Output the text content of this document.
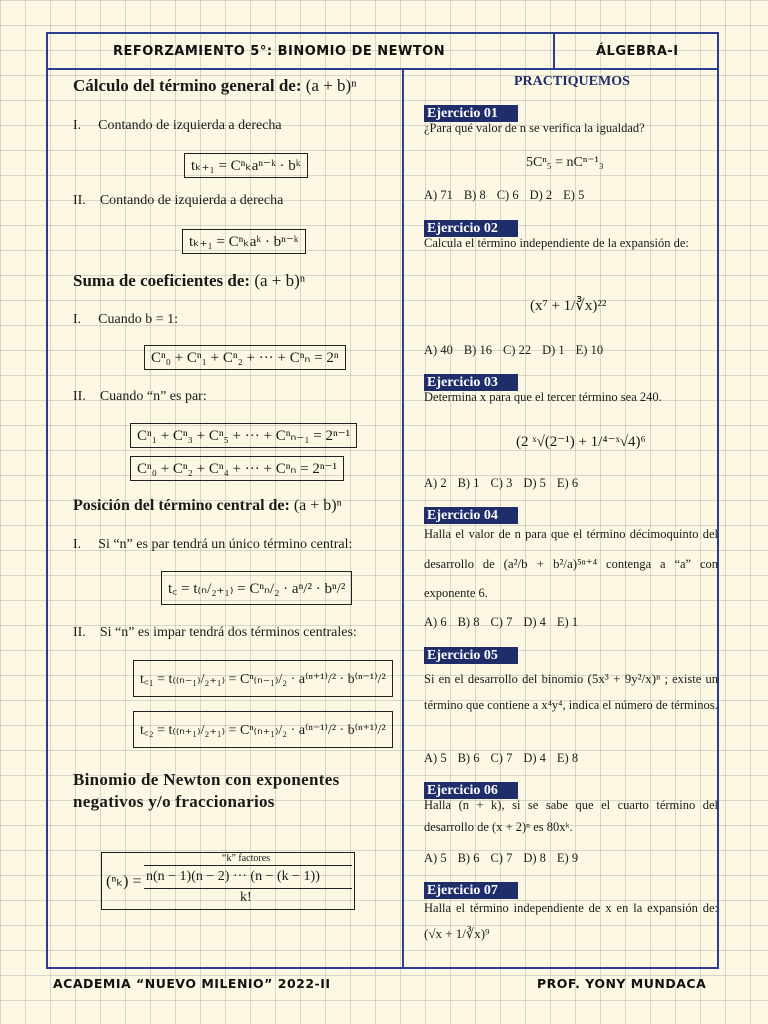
REFORZAMIENTO 5°: BINOMIO DE NEWTON	ÁLGEBRA-I
Cálculo del término general de: (a + b)ⁿ
I. Contando de izquierda a derecha
tₖ₊₁ = Cⁿₖaⁿ⁻ᵏ · bᵏ
II. Contando de izquierda a derecha
tₖ₊₁ = Cⁿₖaᵏ · bⁿ⁻ᵏ
Suma de coeficientes de: (a + b)ⁿ
I. Cuando b = 1:
Cⁿ₀ + Cⁿ₁ + Cⁿ₂ + ··· + Cⁿₙ = 2ⁿ
II. Cuando “n” es par:
Cⁿ₁ + Cⁿ₃ + Cⁿ₅ + ··· + Cⁿₙ₋₁ = 2ⁿ⁻¹
Cⁿ₀ + Cⁿ₂ + Cⁿ₄ + ··· + Cⁿₙ = 2ⁿ⁻¹
Posición del término central de: (a + b)ⁿ
I. Si “n” es par tendrá un único término central:
t꜀ = t₍ₙ/₂₊₁₎ = Cⁿₙ/₂ · aⁿ/² · bⁿ/²
II. Si “n” es impar tendrá dos términos centrales:
t꜀₁ = t₍₍ₙ₋₁₎/₂₊₁₎ = Cⁿ₍ₙ₋₁₎/₂ · a⁽ⁿ⁺¹⁾/² · b⁽ⁿ⁻¹⁾/²
t꜀₂ = t₍₍ₙ₊₁₎/₂₊₁₎ = Cⁿ₍ₙ₊₁₎/₂ · a⁽ⁿ⁻¹⁾/² · b⁽ⁿ⁺¹⁾/²
Binomio de Newton con exponentes negativos y/o fraccionarios
(ⁿₖ) =
“k” factores
n(n − 1)(n − 2) ··· (n − (k − 1))
k!
PRACTIQUEMOS
Ejercicio 01
¿Para qué valor de n se verifica la igualdad?
5Cⁿ₅ = nCⁿ⁻¹₃
A) 71 B) 8 C) 6 D) 2 E) 5
Ejercicio 02
Calcula el término independiente de la expansión de:
(x⁷ + 1/∛x)²²
A) 40 B) 16 C) 22 D) 1 E) 10
Ejercicio 03
Determina x para que el tercer término sea 240.
(2 ˣ√(2⁻¹) + 1/⁴⁻ˣ√4)⁶
A) 2 B) 1 C) 3 D) 5 E) 6
Ejercicio 04
Halla el valor de n para que el término décimoquinto del desarrollo de (a²/b + b²/a)⁵ⁿ⁺⁴ contenga a “a” con exponente 6.
A) 6 B) 8 C) 7 D) 4 E) 1
Ejercicio 05
Si en el desarrollo del binomio (5x³ + 9y²/x)ⁿ ; existe un término que contiene a x⁴y⁴, indica el número de términos.
A) 5 B) 6 C) 7 D) 4 E) 8
Ejercicio 06
Halla (n + k), si se sabe que el cuarto término del desarrollo de (x + 2)ⁿ es 80xᵏ.
A) 5 B) 6 C) 7 D) 8 E) 9
Ejercicio 07
Halla el término independiente de x en la expansión de: (√x + 1/∛x)⁹
ACADEMIA “NUEVO MILENIO” 2022-II	PROF. YONY MUNDACA
